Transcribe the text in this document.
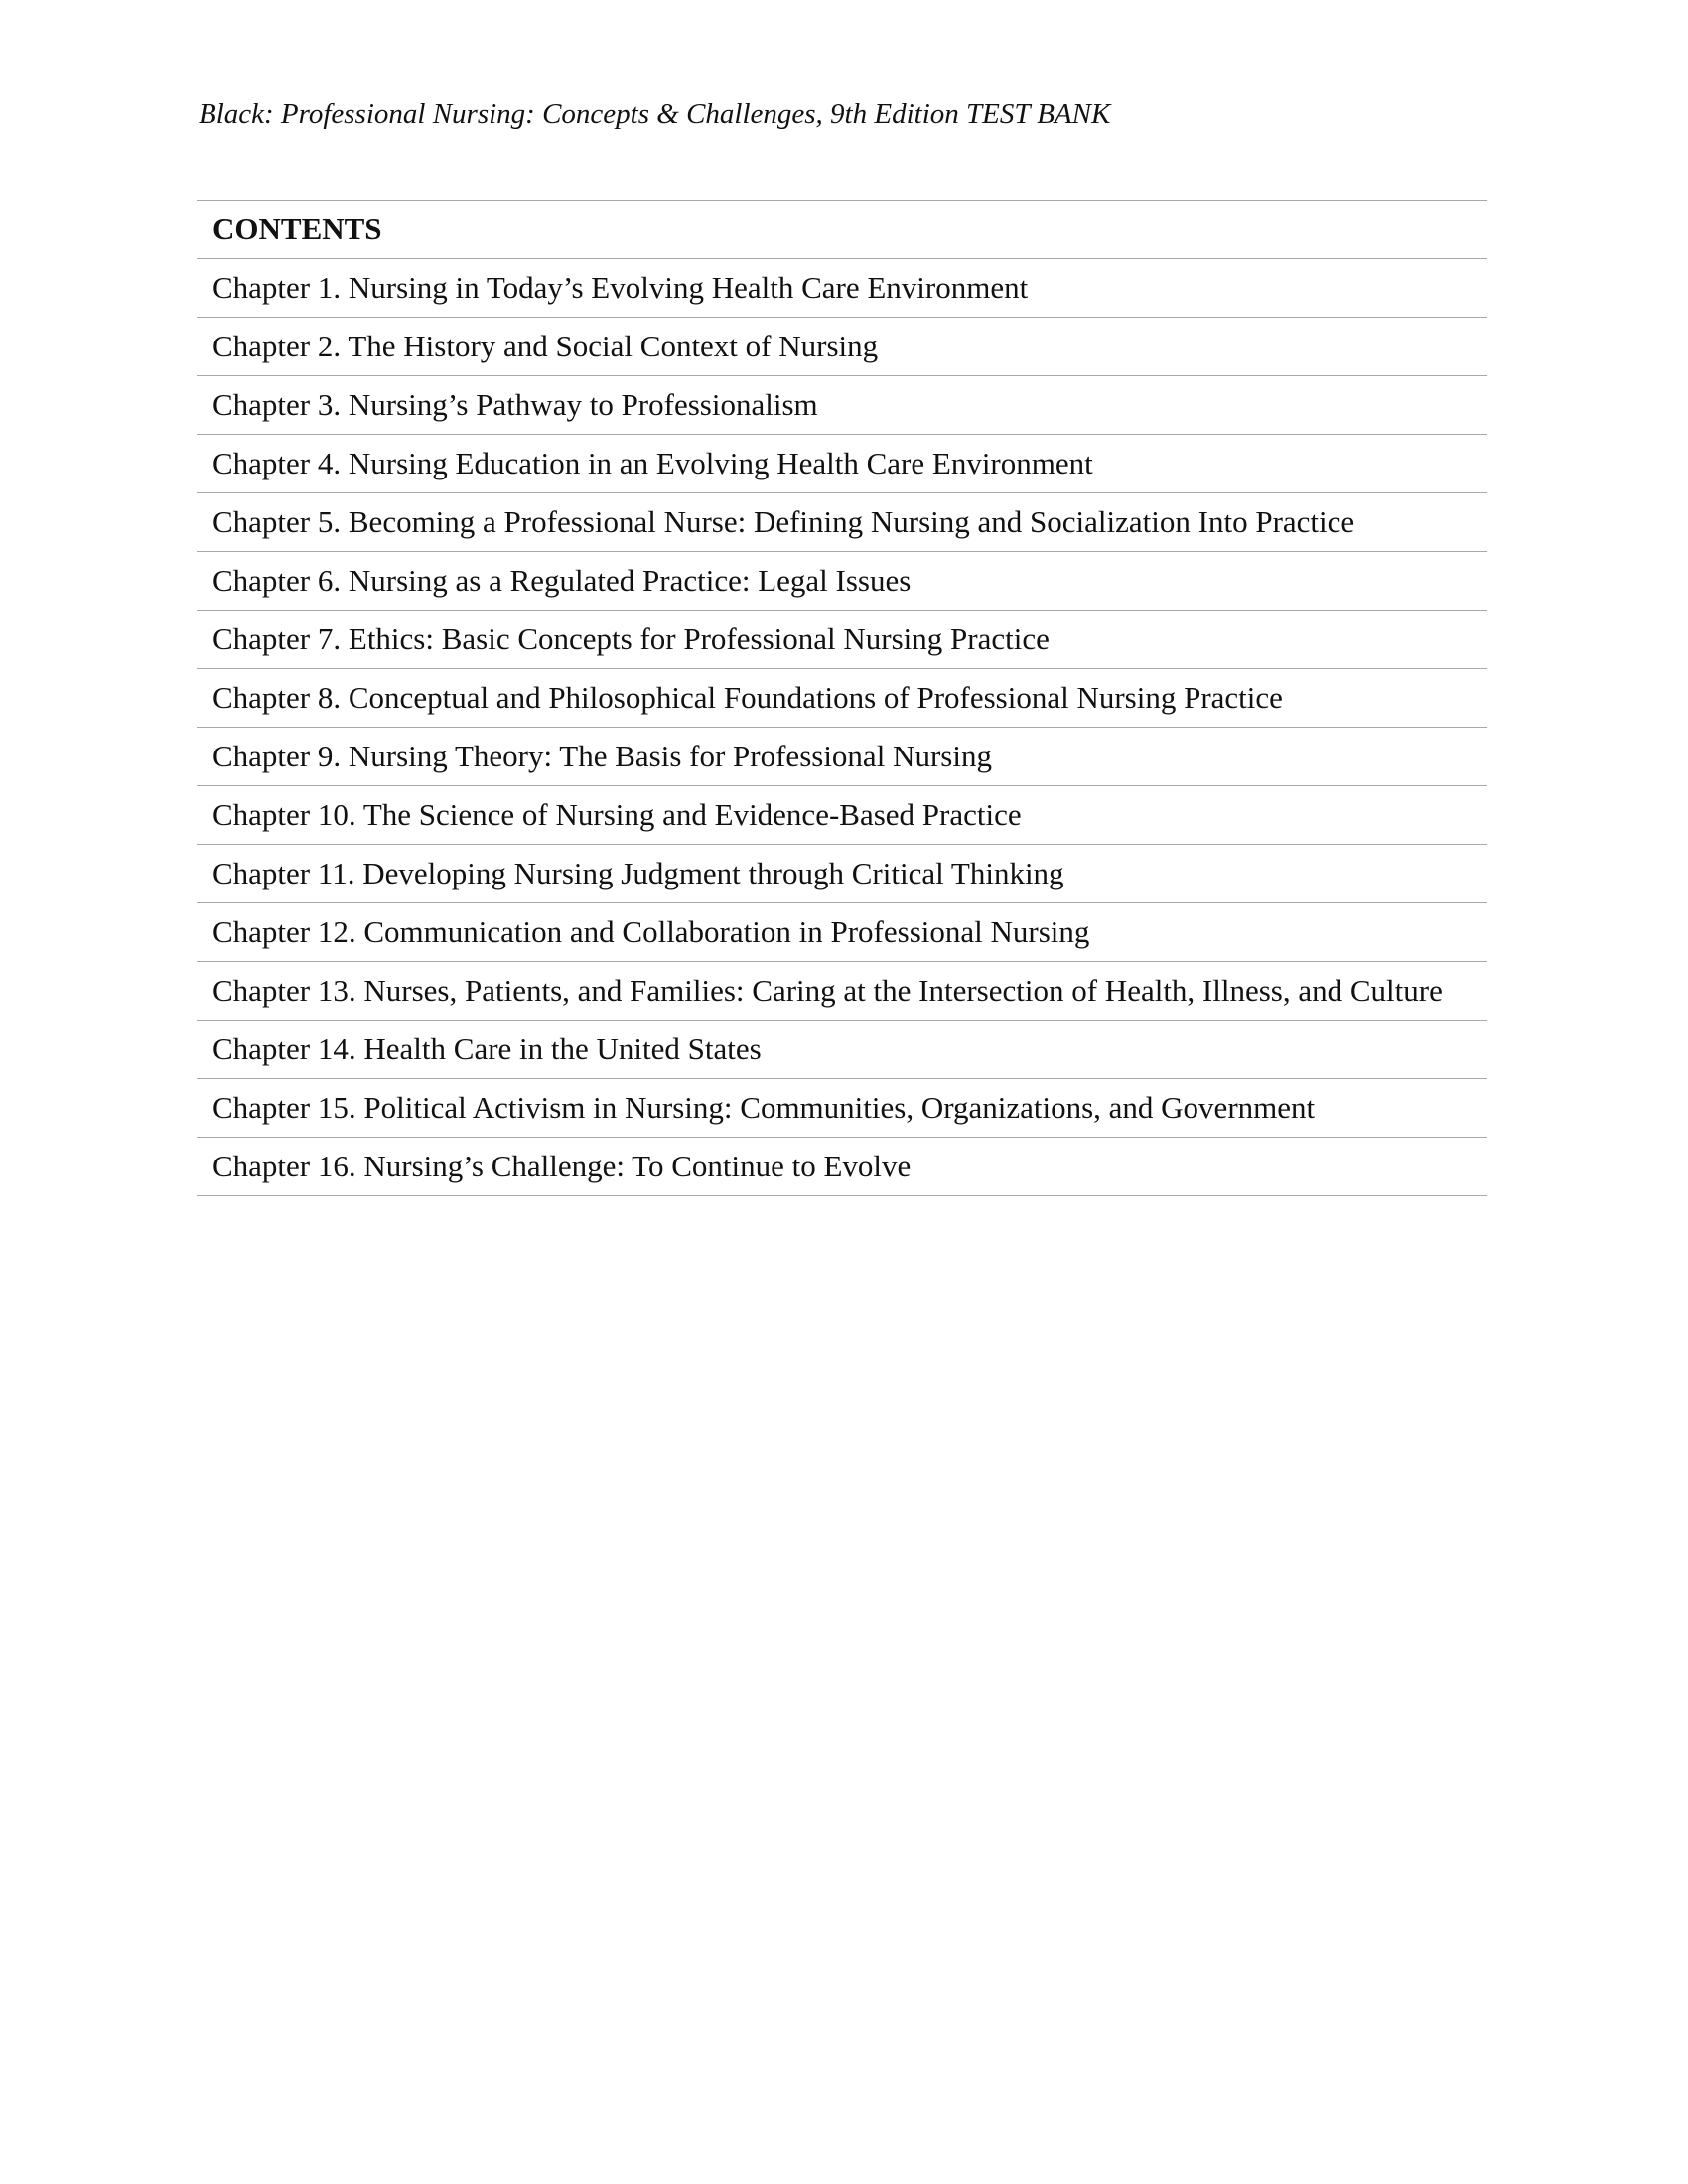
Black: Professional Nursing: Concepts & Challenges, 9th Edition TEST BANK
CONTENTS
Chapter 1. Nursing in Today’s Evolving Health Care Environment
Chapter 2. The History and Social Context of Nursing
Chapter 3. Nursing’s Pathway to Professionalism
Chapter 4. Nursing Education in an Evolving Health Care Environment
Chapter 5. Becoming a Professional Nurse: Defining Nursing and Socialization Into Practice
Chapter 6. Nursing as a Regulated Practice: Legal Issues
Chapter 7. Ethics: Basic Concepts for Professional Nursing Practice
Chapter 8. Conceptual and Philosophical Foundations of Professional Nursing Practice
Chapter 9. Nursing Theory: The Basis for Professional Nursing
Chapter 10. The Science of Nursing and Evidence-Based Practice
Chapter 11. Developing Nursing Judgment through Critical Thinking
Chapter 12. Communication and Collaboration in Professional Nursing
Chapter 13. Nurses, Patients, and Families: Caring at the Intersection of Health, Illness, and Culture
Chapter 14. Health Care in the United States
Chapter 15. Political Activism in Nursing: Communities, Organizations, and Government
Chapter 16. Nursing’s Challenge: To Continue to Evolve
